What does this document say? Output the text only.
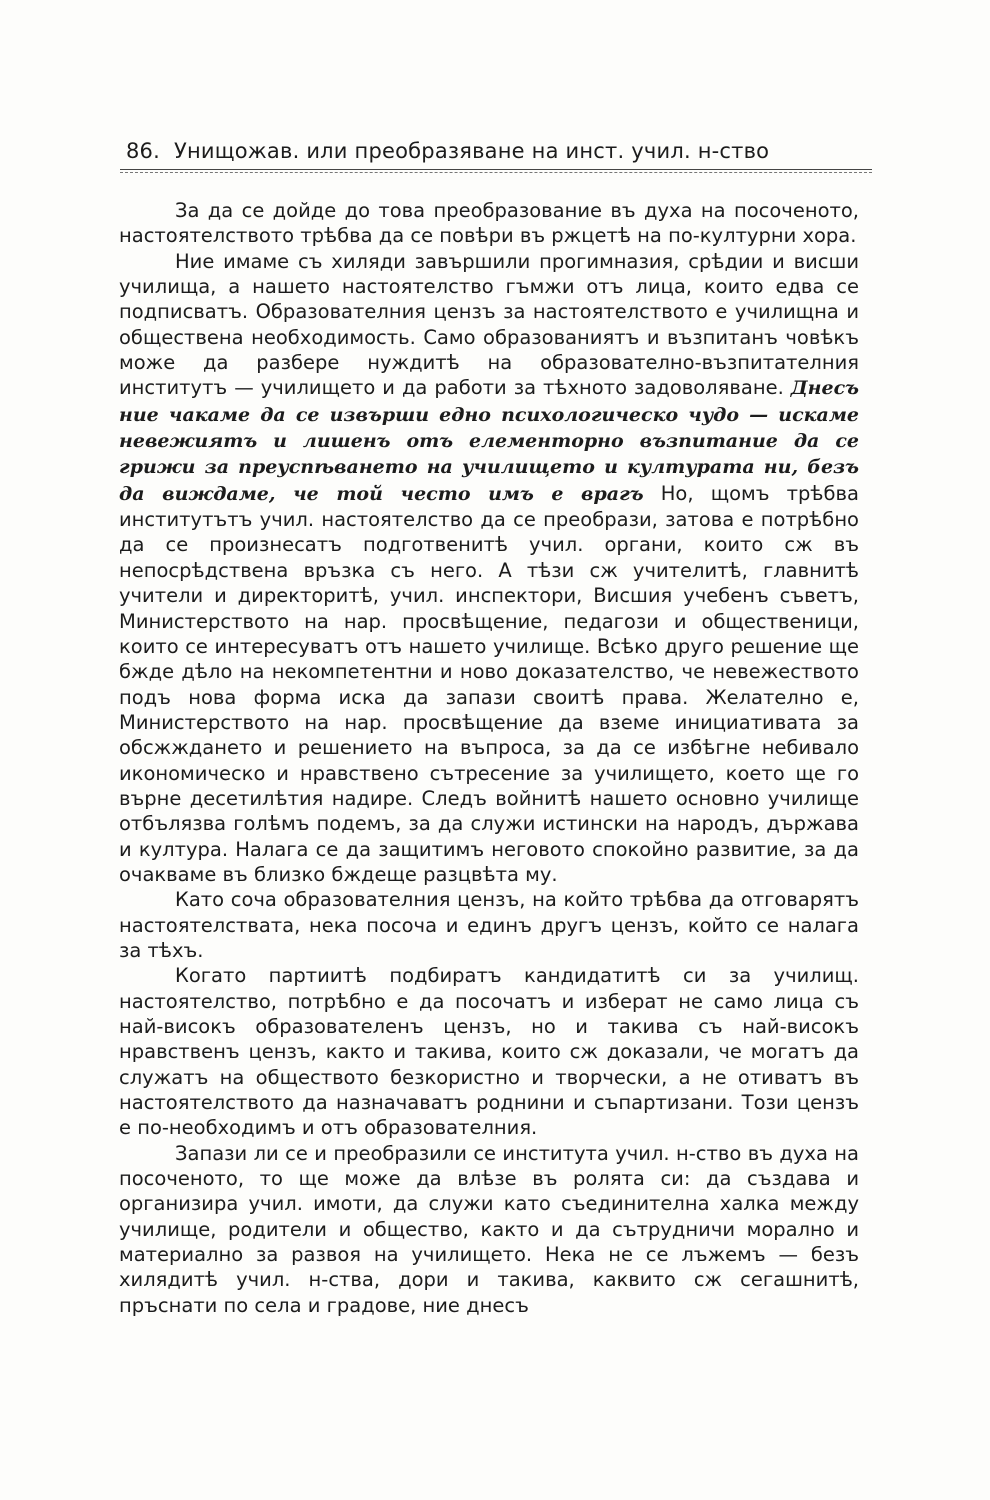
86. Унищожав. или преобразяване на инст. учил. н-ство

За да се дойде до това преобразование въ духа на посоченото, настоятелството трѣбва да се повѣри въ ржцетѣ на по-културни хора.

Ние имаме съ хиляди завършили прогимназия, срѣдии и висши училища, а нашето настоятелство гъмжи отъ лица, които едва се подписватъ. Образователния цензъ за настоятелството е училищна и обществена необходимость. Само образованиятъ и възпитанъ човѣкъ може да разбере нуждитѣ на образователно-възпитателния институтъ — училището и да работи за тѣхното задоволяване. Днесъ ние чакаме да се извърши едно психологическо чудо — искаме невежиятъ и лишенъ отъ елементорно възпитание да се грижи за преуспѣването на училището и културата ни, безъ да виждаме, че той често имъ е врагъ Но, щомъ трѣбва институтътъ учил. настоятелство да се преобрази, затова е потрѣбно да се произнесатъ подготвенитѣ учил. органи, които сж въ непосрѣдствена връзка съ него. А тѣзи сж учителитѣ, главнитѣ учители и директоритѣ, учил. инспектори, Висшия учебенъ съветъ, Министерството на нар. просвѣщение, педагози и общественици, които се интересуватъ отъ нашето училище. Всѣко друго решение ще бжде дѣло на некомпетентни и ново доказателство, че невежеството подъ нова форма иска да запази своитѣ права. Желателно е, Министерството на нар. просвѣщение да вземе инициативата за обсжждането и решението на въпроса, за да се избѣгне небивало икономическо и нравствено сътресение за училището, което ще го върне десетилѣтия надире. Следъ войнитѣ нашето основно училище отбълязва голѣмъ подемъ, за да служи истински на народъ, държава и култура. Налага се да защитимъ неговото спокойно развитие, за да очакваме въ близко бждеще разцвѣта му.

Като соча образователния цензъ, на който трѣбва да отговарятъ настоятелствата, нека посоча и единъ другъ цензъ, който се налага за тѣхъ.

Когато партиитѣ подбиратъ кандидатитѣ си за училищ. настоятелство, потрѣбно е да посочатъ и изберат не само лица съ най-високъ образователенъ цензъ, но и такива съ най-високъ нравственъ цензъ, както и такива, които сж доказали, че могатъ да служатъ на обществото безкористно и творчески, а не отиватъ въ настоятелството да назначаватъ роднини и съпартизани. Този цензъ е по-необходимъ и отъ образователния.

Запази ли се и преобразили се института учил. н-ство въ духа на посоченото, то ще може да влѣзе въ ролята си: да създава и организира учил. имоти, да служи като съединителна халка между училище, родители и общество, както и да сътрудничи морално и материално за развоя на училището. Нека не се лъжемъ — безъ хилядитѣ учил. н-ства, дори и такива, каквито сж сегашнитѣ, пръснати по села и градове, ние днесъ
